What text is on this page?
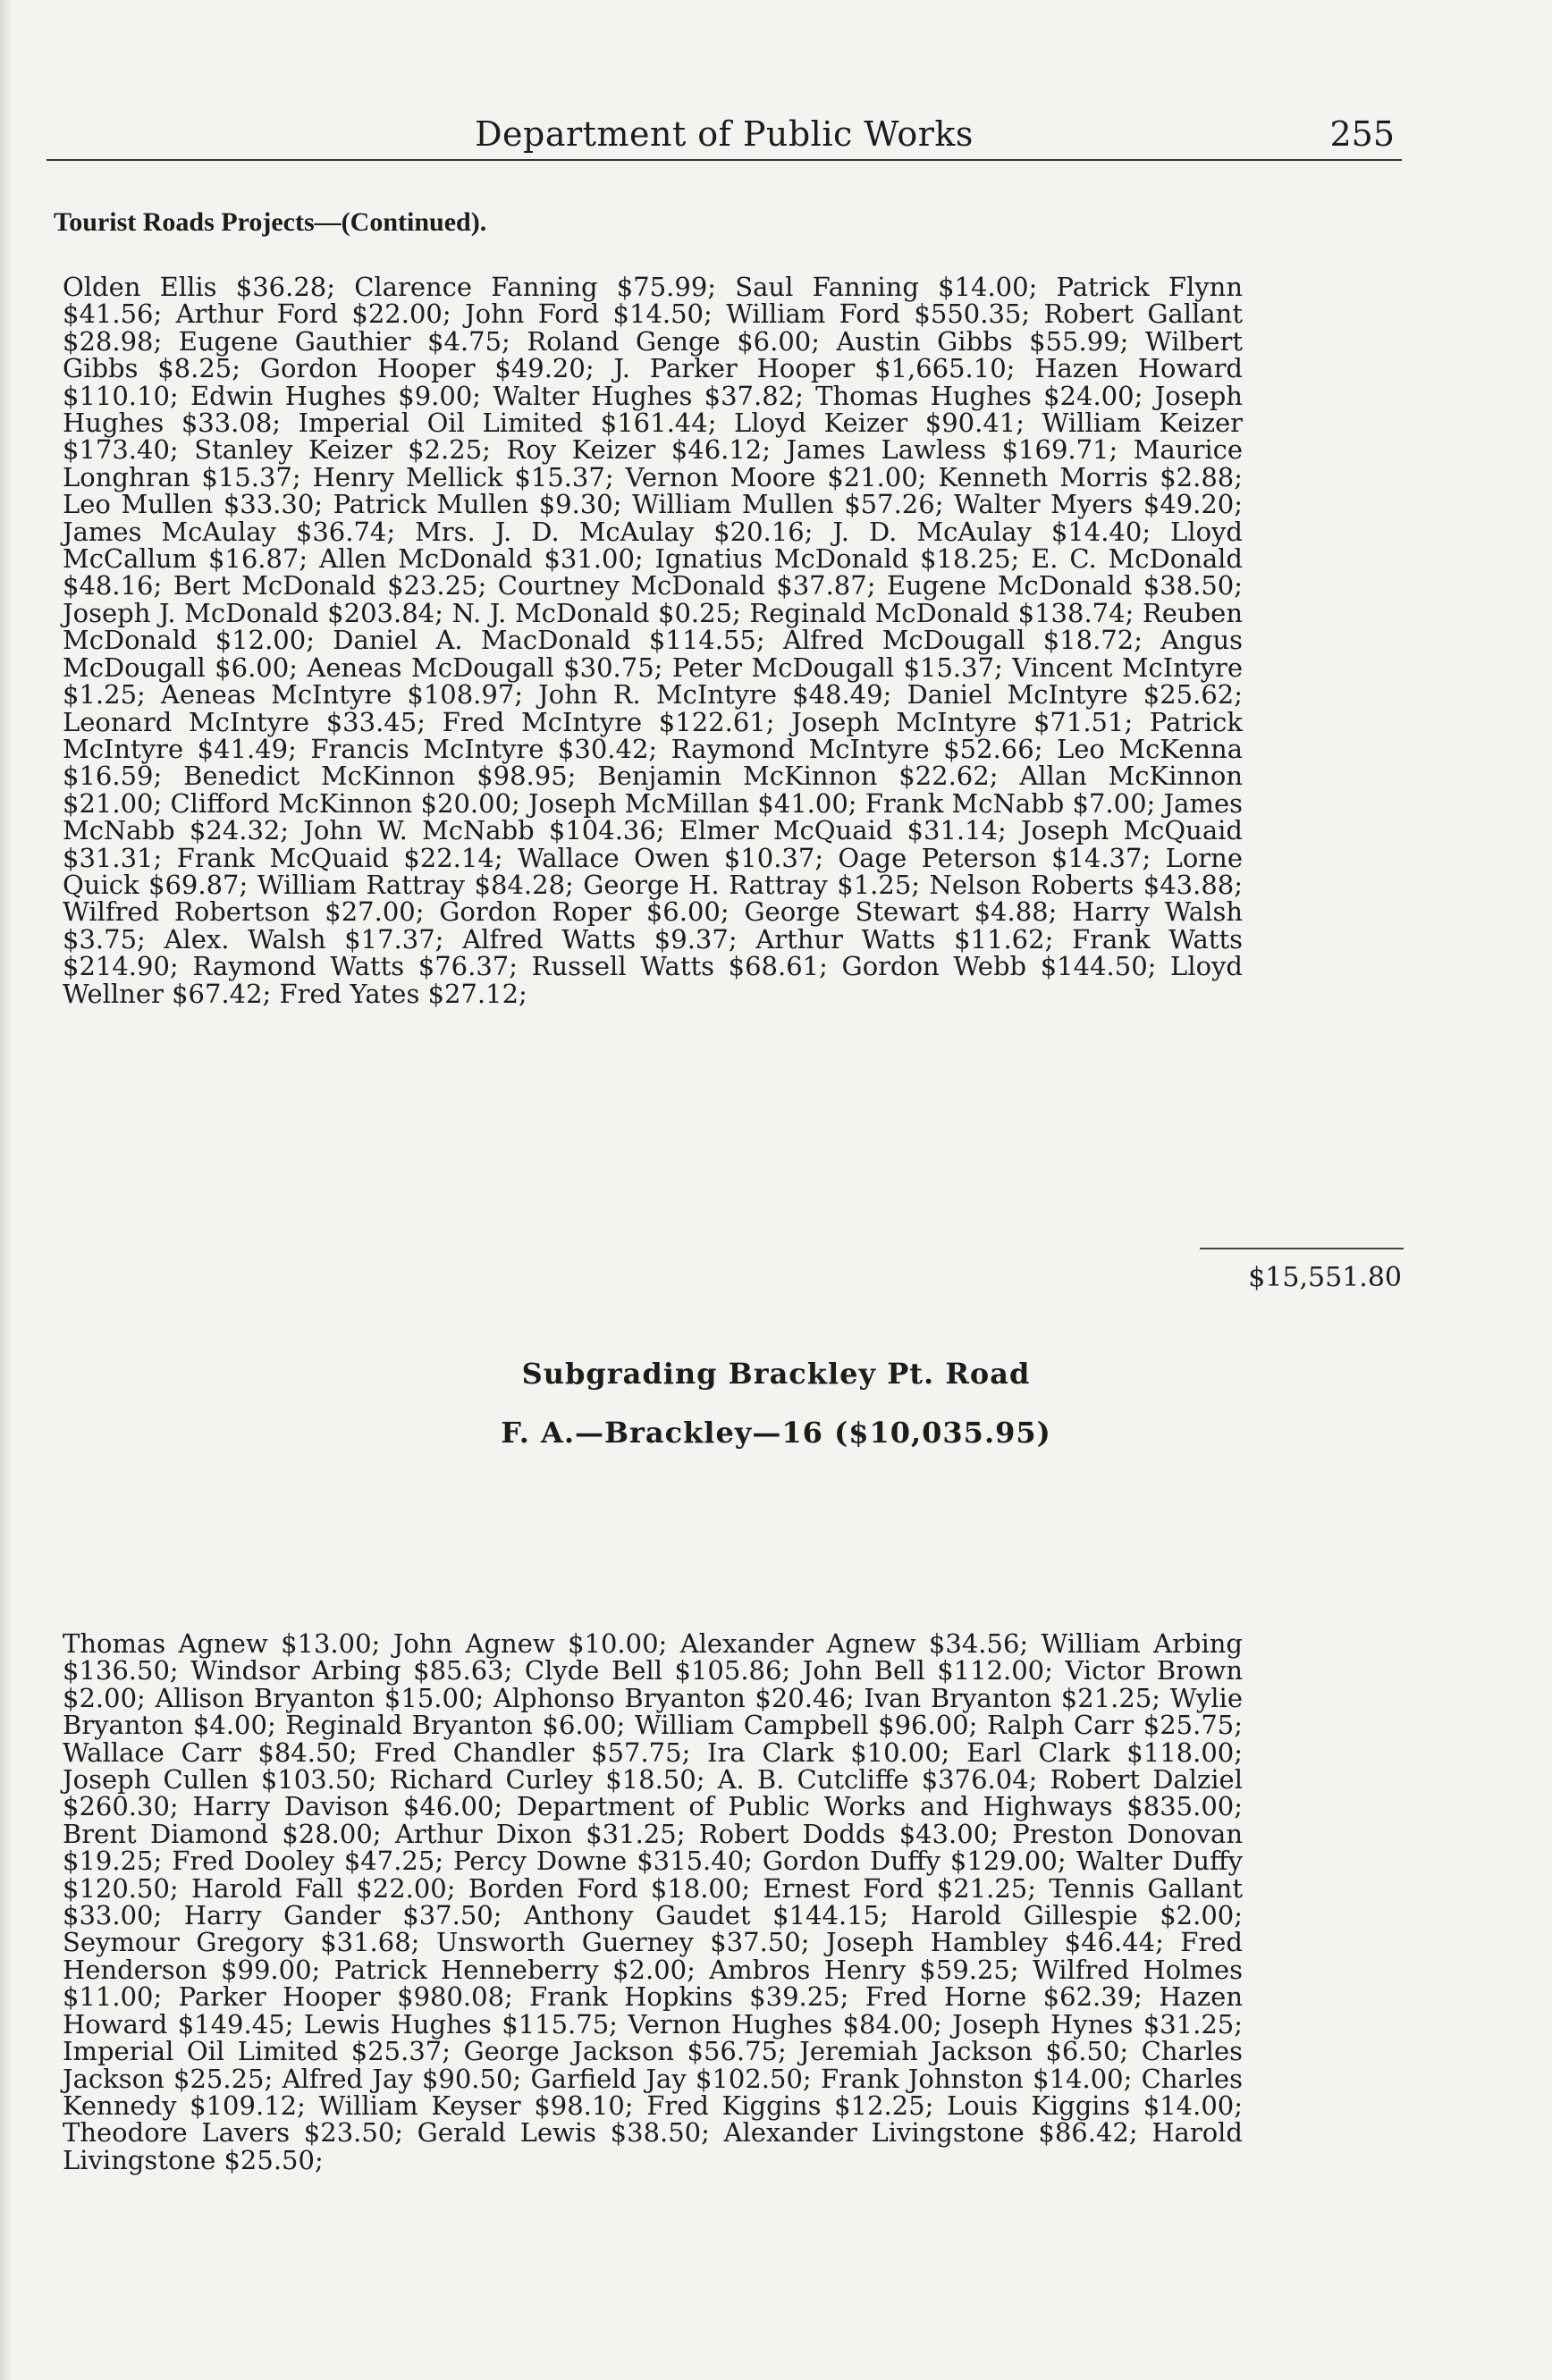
Department of Public Works	255
Tourist Roads Projects—(Continued).
Olden Ellis $36.28; Clarence Fanning $75.99; Saul Fanning $14.00; Patrick Flynn $41.56; Arthur Ford $22.00; John Ford $14.50; William Ford $550.35; Robert Gallant $28.98; Eugene Gauthier $4.75; Roland Genge $6.00; Austin Gibbs $55.99; Wilbert Gibbs $8.25; Gordon Hooper $49.20; J. Parker Hooper $1,665.10; Hazen Howard $110.10; Edwin Hughes $9.00; Walter Hughes $37.82; Thomas Hughes $24.00; Joseph Hughes $33.08; Imperial Oil Limited $161.44; Lloyd Keizer $90.41; William Keizer $173.40; Stanley Keizer $2.25; Roy Keizer $46.12; James Lawless $169.71; Maurice Longhran $15.37; Henry Mellick $15.37; Vernon Moore $21.00; Kenneth Morris $2.88; Leo Mullen $33.30; Patrick Mullen $9.30; William Mullen $57.26; Walter Myers $49.20; James McAulay $36.74; Mrs. J. D. McAulay $20.16; J. D. McAulay $14.40; Lloyd McCallum $16.87; Allen McDonald $31.00; Ignatius McDonald $18.25; E. C. McDonald $48.16; Bert McDonald $23.25; Courtney McDonald $37.87; Eugene McDonald $38.50; Joseph J. McDonald $203.84; N. J. McDonald $0.25; Reginald McDonald $138.74; Reuben McDonald $12.00; Daniel A. MacDonald $114.55; Alfred McDougall $18.72; Angus McDougall $6.00; Aeneas McDougall $30.75; Peter McDougall $15.37; Vincent McIntyre $1.25; Aeneas McIntyre $108.97; John R. McIntyre $48.49; Daniel McIntyre $25.62; Leonard McIntyre $33.45; Fred McIntyre $122.61; Joseph McIntyre $71.51; Patrick McIntyre $41.49; Francis McIntyre $30.42; Raymond McIntyre $52.66; Leo McKenna $16.59; Benedict McKinnon $98.95; Benjamin McKinnon $22.62; Allan McKinnon $21.00; Clifford McKinnon $20.00; Joseph McMillan $41.00; Frank McNabb $7.00; James McNabb $24.32; John W. McNabb $104.36; Elmer McQuaid $31.14; Joseph McQuaid $31.31; Frank McQuaid $22.14; Wallace Owen $10.37; Oage Peterson $14.37; Lorne Quick $69.87; William Rattray $84.28; George H. Rattray $1.25; Nelson Roberts $43.88; Wilfred Robertson $27.00; Gordon Roper $6.00; George Stewart $4.88; Harry Walsh $3.75; Alex. Walsh $17.37; Alfred Watts $9.37; Arthur Watts $11.62; Frank Watts $214.90; Raymond Watts $76.37; Russell Watts $68.61; Gordon Webb $144.50; Lloyd Wellner $67.42; Fred Yates $27.12;
$15,551.80
Subgrading Brackley Pt. Road
F. A.—Brackley—16 ($10,035.95)
Thomas Agnew $13.00; John Agnew $10.00; Alexander Agnew $34.56; William Arbing $136.50; Windsor Arbing $85.63; Clyde Bell $105.86; John Bell $112.00; Victor Brown $2.00; Allison Bryanton $15.00; Alphonso Bryanton $20.46; Ivan Bryanton $21.25; Wylie Bryanton $4.00; Reginald Bryanton $6.00; William Campbell $96.00; Ralph Carr $25.75; Wallace Carr $84.50; Fred Chandler $57.75; Ira Clark $10.00; Earl Clark $118.00; Joseph Cullen $103.50; Richard Curley $18.50; A. B. Cutcliffe $376.04; Robert Dalziel $260.30; Harry Davison $46.00; Department of Public Works and Highways $835.00; Brent Diamond $28.00; Arthur Dixon $31.25; Robert Dodds $43.00; Preston Donovan $19.25; Fred Dooley $47.25; Percy Downe $315.40; Gordon Duffy $129.00; Walter Duffy $120.50; Harold Fall $22.00; Borden Ford $18.00; Ernest Ford $21.25; Tennis Gallant $33.00; Harry Gander $37.50; Anthony Gaudet $144.15; Harold Gillespie $2.00; Seymour Gregory $31.68; Unsworth Guerney $37.50; Joseph Hambley $46.44; Fred Henderson $99.00; Patrick Henneberry $2.00; Ambros Henry $59.25; Wilfred Holmes $11.00; Parker Hooper $980.08; Frank Hopkins $39.25; Fred Horne $62.39; Hazen Howard $149.45; Lewis Hughes $115.75; Vernon Hughes $84.00; Joseph Hynes $31.25; Imperial Oil Limited $25.37; George Jackson $56.75; Jeremiah Jackson $6.50; Charles Jackson $25.25; Alfred Jay $90.50; Garfield Jay $102.50; Frank Johnston $14.00; Charles Kennedy $109.12; William Keyser $98.10; Fred Kiggins $12.25; Louis Kiggins $14.00; Theodore Lavers $23.50; Gerald Lewis $38.50; Alexander Livingstone $86.42; Harold Livingstone $25.50;
